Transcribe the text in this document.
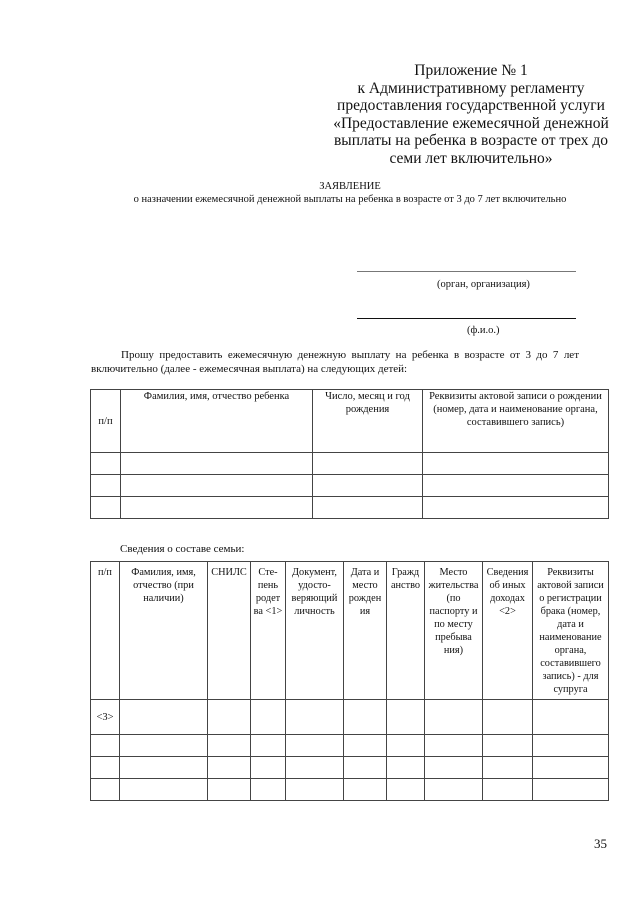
Приложение № 1
к Административному регламенту
предоставления государственной услуги
«Предоставление ежемесячной денежной
выплаты на ребенка в возрасте от трех до
семи лет включительно»
ЗАЯВЛЕНИЕ
о назначении ежемесячной денежной выплаты на ребенка в возрасте от 3 до 7 лет включительно
(орган, организация)
(ф.и.о.)
Прошу предоставить ежемесячную денежную выплату на ребенка в возрасте от 3 до 7 лет включительно (далее - ежемесячная выплата) на следующих детей:
п/п	Фамилия, имя, отчество ребенка	Число, месяц и год рождения	Реквизиты актовой записи о рождении (номер, дата и наименование органа, составившего запись)

Сведения о составе семьи:
п/п	Фамилия, имя, отчество (при наличии)	СНИЛС	Сте-пень родет ва <1>	Документ, удосто-веряющий личность	Дата и место рожден ия	Гражд анство	Место жительства (по паспорту и по месту пребыва ния)	Сведения об иных доходах <2>	Реквизиты актовой записи о регистрации брака (номер, дата и наименование органа, составившего запись) - для супруга
<3>									

35
